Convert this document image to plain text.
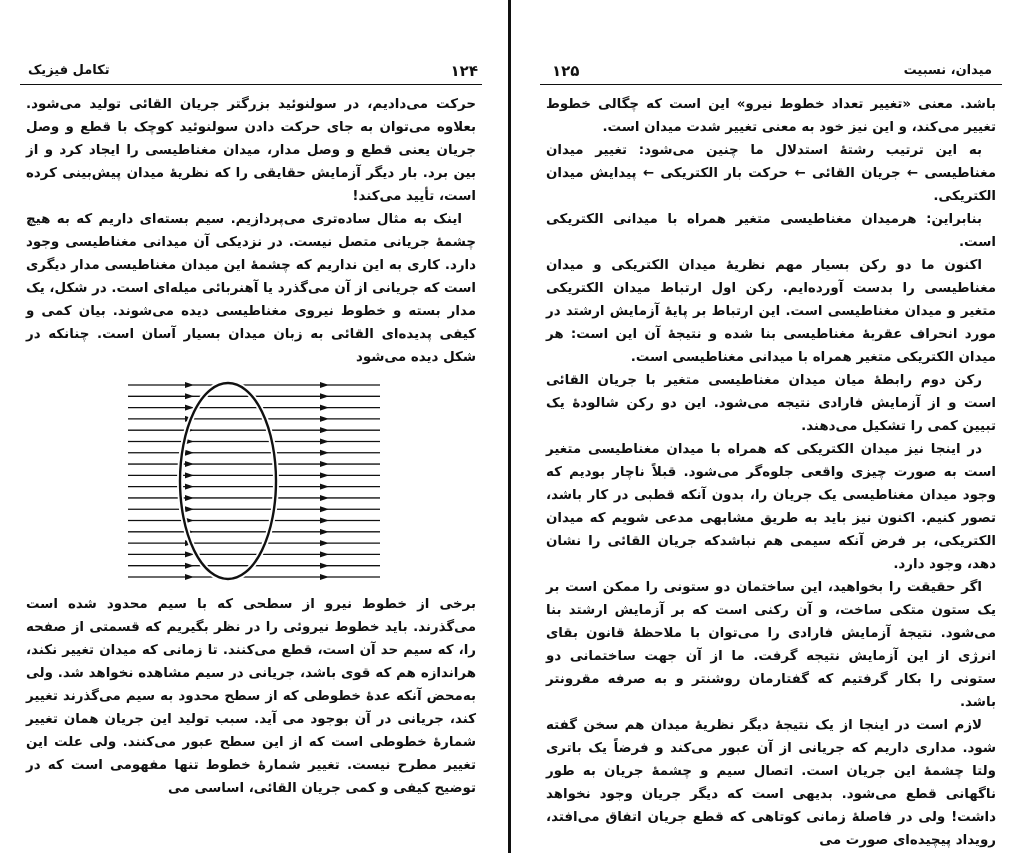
تکامل فیزیک	۱۲۴

حرکت می‌دادیم، در سولنوئید بزرگتر جریان القائی تولید می‌شود. بعلاوه می‌توان به جای حرکت دادن سولنوئید کوچک با قطع و وصل جریان یعنی قطع و وصل مدار، میدان مغناطیسی را ایجاد کرد و از بین برد. بار دیگر آزمایش حقایقی را که نظریهٔ میدان پیش‌بینی کرده است، تأیید می‌کند!

اینک به مثال ساده‌تری می‌پردازیم. سیم بسته‌ای داریم که به هیچ چشمهٔ جریانی متصل نیست. در نزدیکی آن میدانی مغناطیسی وجود دارد. کاری به این نداریم که چشمهٔ این میدان مغناطیسی مدار دیگری است که جریانی از آن می‌گذرد یا آهنربائی میله‌ای است. در شکل، یک مدار بسته و خطوط نیروی مغناطیسی دیده می‌شوند. بیان کمی و کیفی پدیده‌ای القائی به زبان میدان بسیار آسان است. چنانکه در شکل دیده می‌شود

برخی از خطوط نیرو از سطحی که با سیم محدود شده است می‌گذرند. باید خطوط نیروئی را در نظر بگیریم که قسمتی از صفحه را، که سیم حد آن است، قطع می‌کنند. تا زمانی که میدان تغییر نکند، هراندازه هم که قوی باشد، جریانی در سیم مشاهده نخواهد شد. ولی به‌محض آنکه عدهٔ خطوطی که از سطح محدود به سیم می‌گذرند تغییر کند، جریانی در آن بوجود می آید. سبب تولید این جریان همان تغییر شمارهٔ خطوطی است که از این سطح عبور می‌کنند. ولی علت این تغییر مطرح نیست. تغییر شمارهٔ خطوط تنها مفهومی است که در توضیح کیفی و کمی جریان القائی، اساسی می

۱۲۵	میدان، نسبیت

باشد. معنی «تغییر تعداد خطوط نیرو» این است که چگالی خطوط تغییر می‌کند، و این نیز خود به معنی تغییر شدت میدان است.

به این ترتیب رشتهٔ استدلال ما چنین می‌شود: تغییر میدان مغناطیسی ← جریان القائی ← حرکت بار الکتریکی ← پیدایش میدان الکتریکی.

بنابراین: هرمیدان مغناطیسی متغیر همراه با میدانی الکتریکی است.

اکنون ما دو رکن بسیار مهم نظریهٔ میدان الکتریکی و میدان مغناطیسی را بدست آورده‌ایم. رکن اول ارتباط میدان الکتریکی متغیر و میدان مغناطیسی است. این ارتباط بر پایهٔ آزمایش ارشتد در مورد انحراف عقربهٔ مغناطیسی بنا شده و نتیجهٔ آن این است: هر میدان الکتریکی متغیر همراه با میدانی مغناطیسی است.

رکن دوم رابطهٔ میان میدان مغناطیسی متغیر با جریان القائی است و از آزمایش فارادی نتیجه می‌شود. این دو رکن شالودهٔ یک تبیین کمی را تشکیل می‌دهند.

در اینجا نیز میدان الکتریکی که همراه با میدان مغناطیسی متغیر است به صورت چیزی واقعی جلوه‌گر می‌شود. قبلاً ناچار بودیم که وجود میدان مغناطیسی یک جریان را، بدون آنکه قطبی در کار باشد، تصور کنیم. اکنون نیز باید به طریق مشابهی مدعی شویم که میدان الکتریکی، بر فرض آنکه سیمی هم نباشدکه جریان القائی را نشان دهد، وجود دارد.

اگر حقیقت را بخواهید، این ساختمان دو ستونی را ممکن است بر یک ستون متکی ساخت، و آن رکنی است که بر آزمایش ارشتد بنا می‌شود. نتیجهٔ آزمایش فارادی را می‌توان با ملاحظهٔ قانون بقای انرژی از این آزمایش نتیجه گرفت. ما از آن جهت ساختمانی دو ستونی را بکار گرفتیم که گفتارمان روشنتر و به صرفه مقرونتر باشد.

لازم است در اینجا از یک نتیجهٔ دیگر نظریهٔ میدان هم سخن گفته شود. مداری داریم که جریانی از آن عبور می‌کند و فرضاً یک باتری ولتا چشمهٔ این جریان است. اتصال سیم و چشمهٔ جریان به طور ناگهانی قطع می‌شود. بدیهی است که دیگر جریان وجود نخواهد داشت! ولی در فاصلهٔ زمانی کوتاهی که قطع جریان اتفاق می‌افتد، رویداد پیچیده‌ای صورت می
